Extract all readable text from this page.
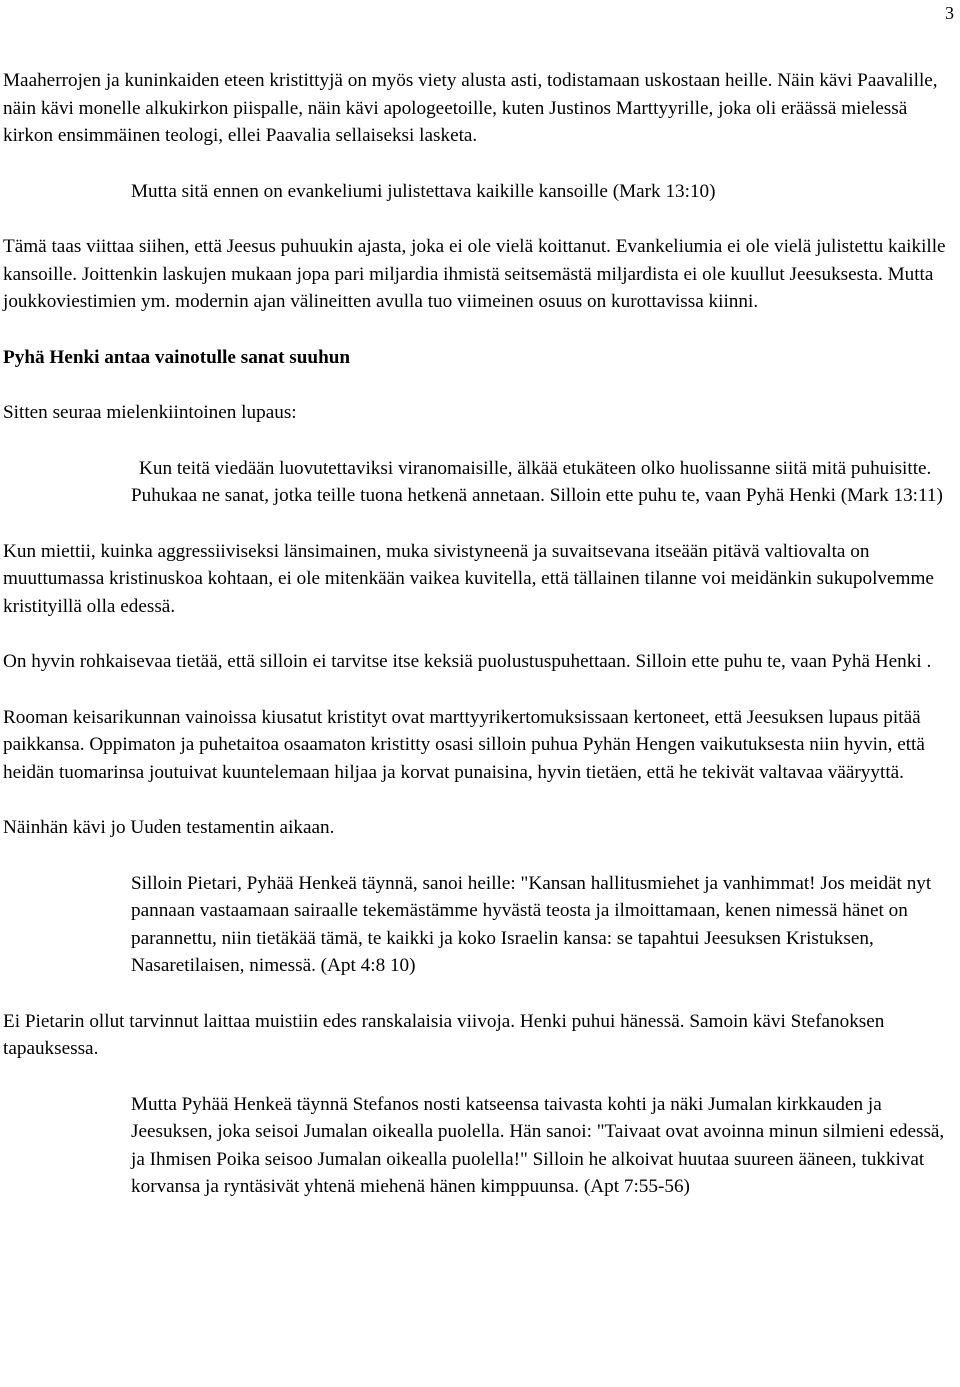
3

Maaherrojen ja kuninkaiden eteen kristittyjä on myös viety alusta asti, todistamaan uskostaan heille. Näin kävi Paavalille, näin kävi monelle alkukirkon piispalle, näin kävi apologeetoille, kuten Justinos Marttyyrille, joka oli eräässä mielessä kirkon ensimmäinen teologi, ellei Paavalia sellaiseksi lasketa.

Mutta sitä ennen on evankeliumi julistettava kaikille kansoille (Mark 13:10)

Tämä taas viittaa siihen, että Jeesus puhuukin ajasta, joka ei ole vielä koittanut. Evankeliumia ei ole vielä julistettu kaikille kansoille. Joittenkin laskujen mukaan jopa pari miljardia ihmistä seitsemästä miljardista ei ole kuullut Jeesuksesta. Mutta joukkoviestimien ym. modernin ajan välineitten avulla tuo viimeinen osuus on kurottavissa kiinni.

Pyhä Henki antaa vainotulle sanat suuhun

Sitten seuraa mielenkiintoinen lupaus:

Kun teitä viedään luovutettaviksi viranomaisille, älkää etukäteen olko huolissanne siitä mitä puhuisitte. Puhukaa ne sanat, jotka teille tuona hetkenä annetaan. Silloin ette puhu te, vaan Pyhä Henki (Mark 13:11)

Kun miettii, kuinka aggressiiviseksi länsimainen, muka sivistyneenä ja suvaitsevana itseään pitävä valtiovalta on muuttumassa kristinuskoa kohtaan, ei ole mitenkään vaikea kuvitella, että tällainen tilanne voi meidänkin sukupolvemme kristityillä olla edessä.

On hyvin rohkaisevaa tietää, että silloin ei tarvitse itse keksiä puolustuspuhettaan. Silloin ette puhu te, vaan Pyhä Henki .

Rooman keisarikunnan vainoissa kiusatut kristityt ovat marttyyrikertomuksissaan kertoneet, että Jeesuksen lupaus pitää paikkansa. Oppimaton ja puhetaitoa osaamaton kristitty osasi silloin puhua Pyhän Hengen vaikutuksesta niin hyvin, että heidän tuomarinsa joutuivat kuuntelemaan hiljaa ja korvat punaisina, hyvin tietäen, että he tekivät valtavaa vääryyttä.

Näinhän kävi jo Uuden testamentin aikaan.

Silloin Pietari, Pyhää Henkeä täynnä, sanoi heille: "Kansan hallitusmiehet ja vanhimmat! Jos meidät nyt pannaan vastaamaan sairaalle tekemästämme hyvästä teosta ja ilmoittamaan, kenen nimessä hänet on parannettu, niin tietäkää tämä, te kaikki ja koko Israelin kansa: se tapahtui Jeesuksen Kristuksen, Nasaretilaisen, nimessä. (Apt 4:8 10)

Ei Pietarin ollut tarvinnut laittaa muistiin edes ranskalaisia viivoja. Henki puhui hänessä. Samoin kävi Stefanoksen tapauksessa.

Mutta Pyhää Henkeä täynnä Stefanos nosti katseensa taivasta kohti ja näki Jumalan kirkkauden ja Jeesuksen, joka seisoi Jumalan oikealla puolella. Hän sanoi: "Taivaat ovat avoinna minun silmieni edessä, ja Ihmisen Poika seisoo Jumalan oikealla puolella!" Silloin he alkoivat huutaa suureen ääneen, tukkivat korvansa ja ryntäsivät yhtenä miehenä hänen kimppuunsa. (Apt 7:55-56)
